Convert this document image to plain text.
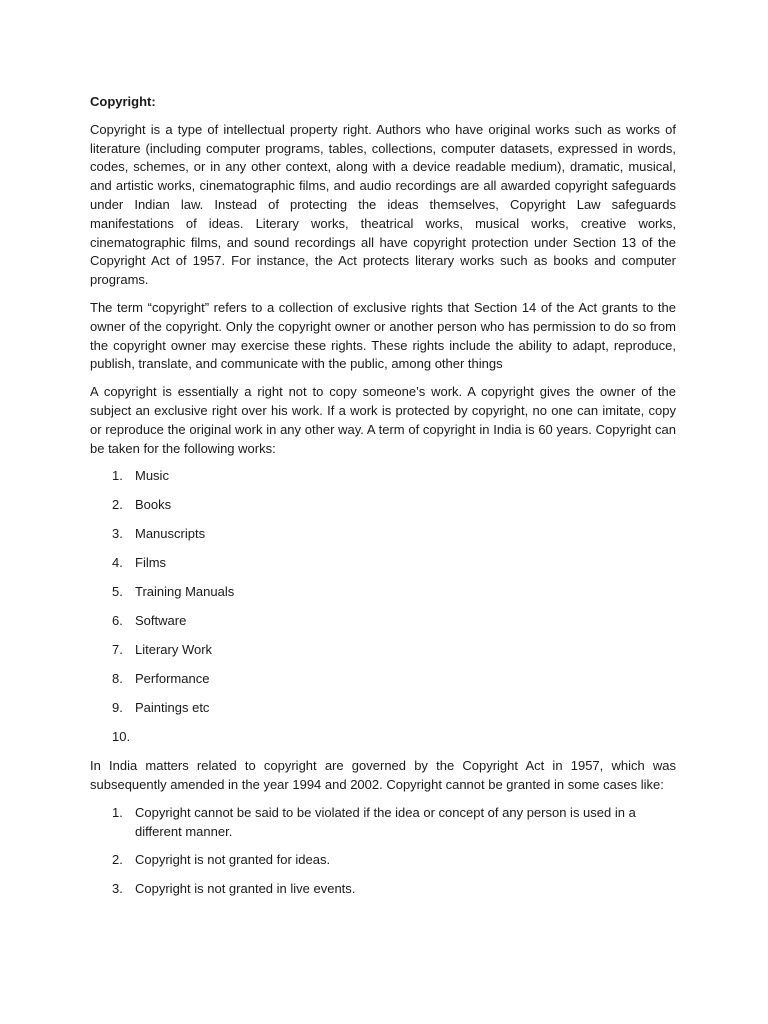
Copyright:

Copyright is a type of intellectual property right. Authors who have original works such as works of literature (including computer programs, tables, collections, computer datasets, expressed in words, codes, schemes, or in any other context, along with a device readable medium), dramatic, musical, and artistic works, cinematographic films, and audio recordings are all awarded copyright safeguards under Indian law. Instead of protecting the ideas themselves, Copyright Law safeguards manifestations of ideas. Literary works, theatrical works, musical works, creative works, cinematographic films, and sound recordings all have copyright protection under Section 13 of the Copyright Act of 1957. For instance, the Act protects literary works such as books and computer programs.

The term “copyright” refers to a collection of exclusive rights that Section 14 of the Act grants to the owner of the copyright. Only the copyright owner or another person who has permission to do so from the copyright owner may exercise these rights. These rights include the ability to adapt, reproduce, publish, translate, and communicate with the public, among other things

A copyright is essentially a right not to copy someone’s work. A copyright gives the owner of the subject an exclusive right over his work. If a work is protected by copyright, no one can imitate, copy or reproduce the original work in any other way. A term of copyright in India is 60 years. Copyright can be taken for the following works:

1. Music
2. Books
3. Manuscripts
4. Films
5. Training Manuals
6. Software
7. Literary Work
8. Performance
9. Paintings etc
10.

In India matters related to copyright are governed by the Copyright Act in 1957, which was subsequently amended in the year 1994 and 2002. Copyright cannot be granted in some cases like:

1. Copyright cannot be said to be violated if the idea or concept of any person is used in a different manner.
2. Copyright is not granted for ideas.
3. Copyright is not granted in live events.
